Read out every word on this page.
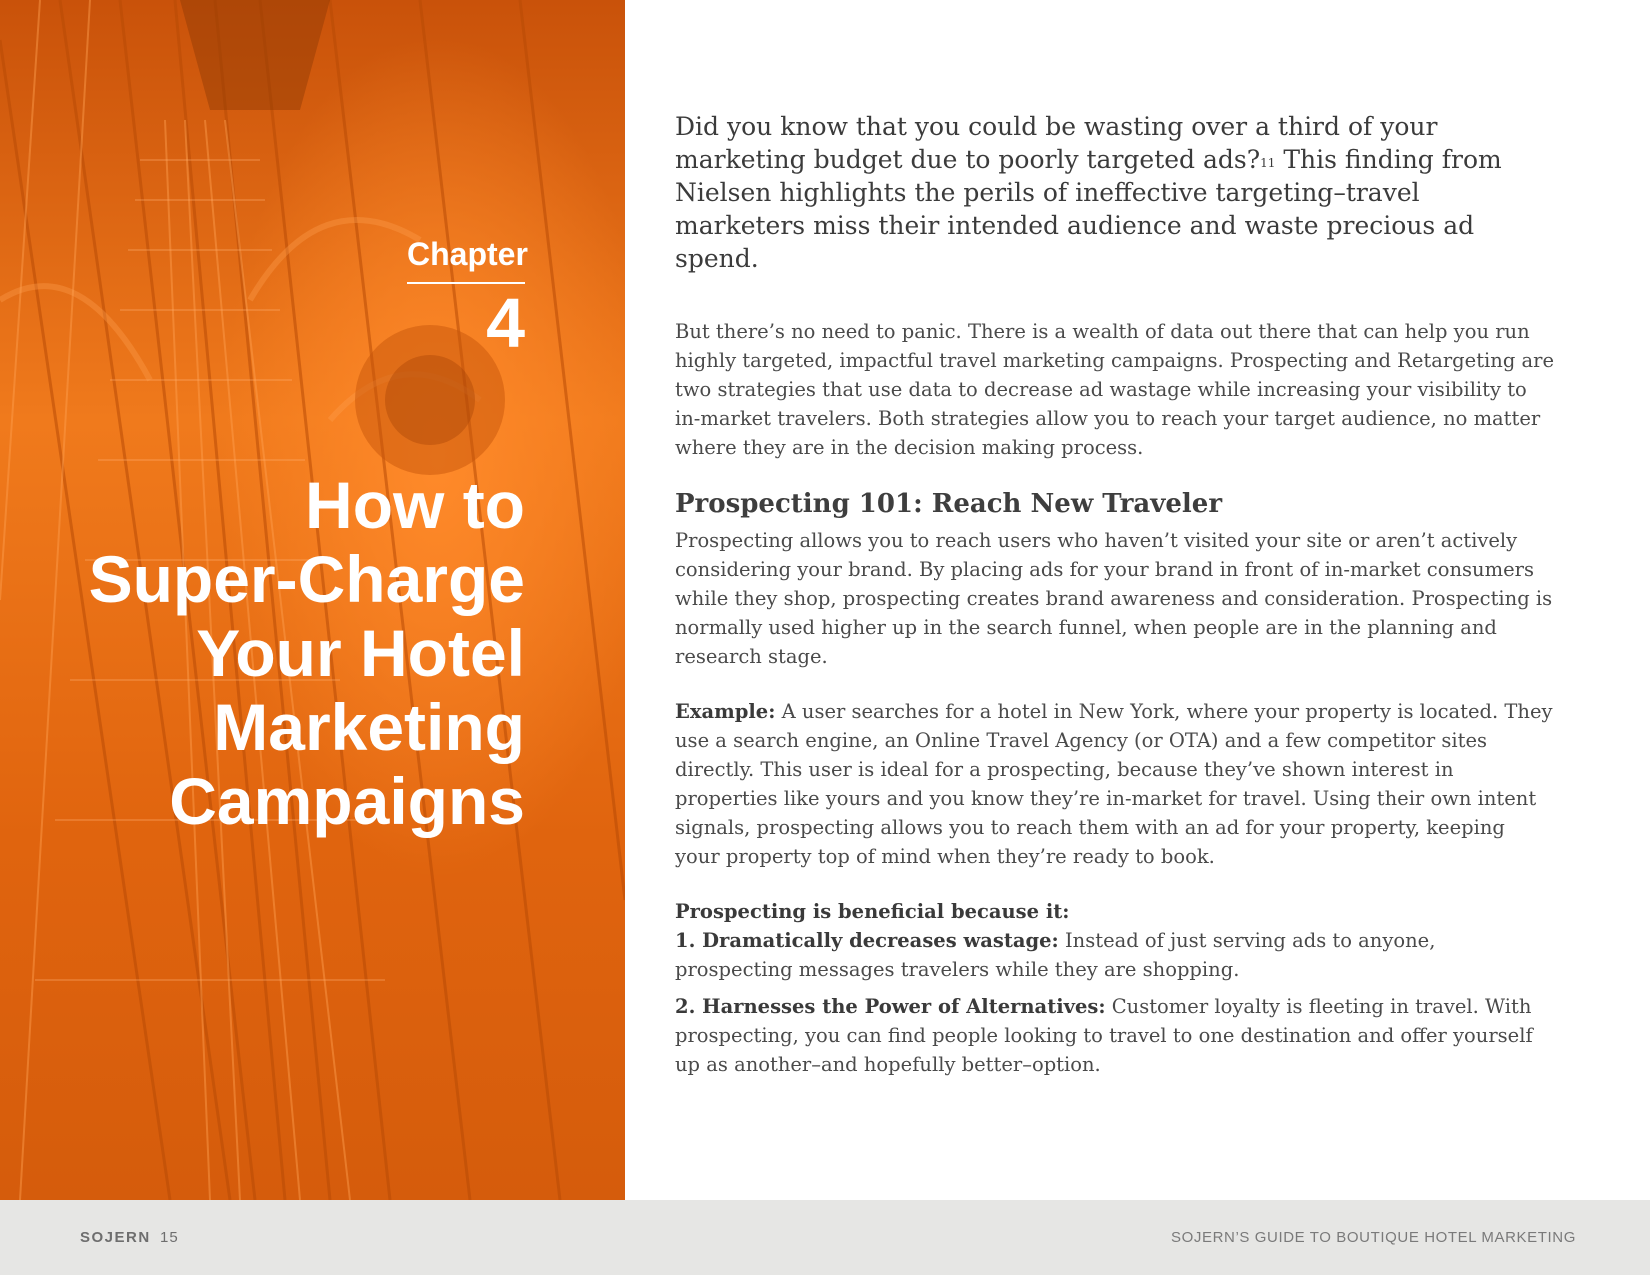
Chapter
4
How to
Super-Charge
Your Hotel
Marketing
Campaigns

Did you know that you could be wasting over a third of your marketing budget due to poorly targeted ads?$^{11}$ This finding from Nielsen highlights the perils of ineffective targeting–travel marketers miss their intended audience and waste precious ad spend.

But there’s no need to panic. There is a wealth of data out there that can help you run highly targeted, impactful travel marketing campaigns. Prospecting and Retargeting are two strategies that use data to decrease ad wastage while increasing your visibility to in-market travelers. Both strategies allow you to reach your target audience, no matter where they are in the decision making process.

Prospecting 101: Reach New Traveler

Prospecting allows you to reach users who haven’t visited your site or aren’t actively considering your brand. By placing ads for your brand in front of in-market consumers while they shop, prospecting creates brand awareness and consideration. Prospecting is normally used higher up in the search funnel, when people are in the planning and research stage.

Example: A user searches for a hotel in New York, where your property is located. They use a search engine, an Online Travel Agency (or OTA) and a few competitor sites directly. This user is ideal for a prospecting, because they’ve shown interest in properties like yours and you know they’re in-market for travel. Using their own intent signals, prospecting allows you to reach them with an ad for your property, keeping your property top of mind when they’re ready to book.

Prospecting is beneficial because it:

1. Dramatically decreases wastage: Instead of just serving ads to anyone, prospecting messages travelers while they are shopping.

2. Harnesses the Power of Alternatives: Customer loyalty is fleeting in travel. With prospecting, you can find people looking to travel to one destination and offer yourself up as another–and hopefully better–option.

SOJERN 15	SOJERN’S GUIDE TO BOUTIQUE HOTEL MARKETING
